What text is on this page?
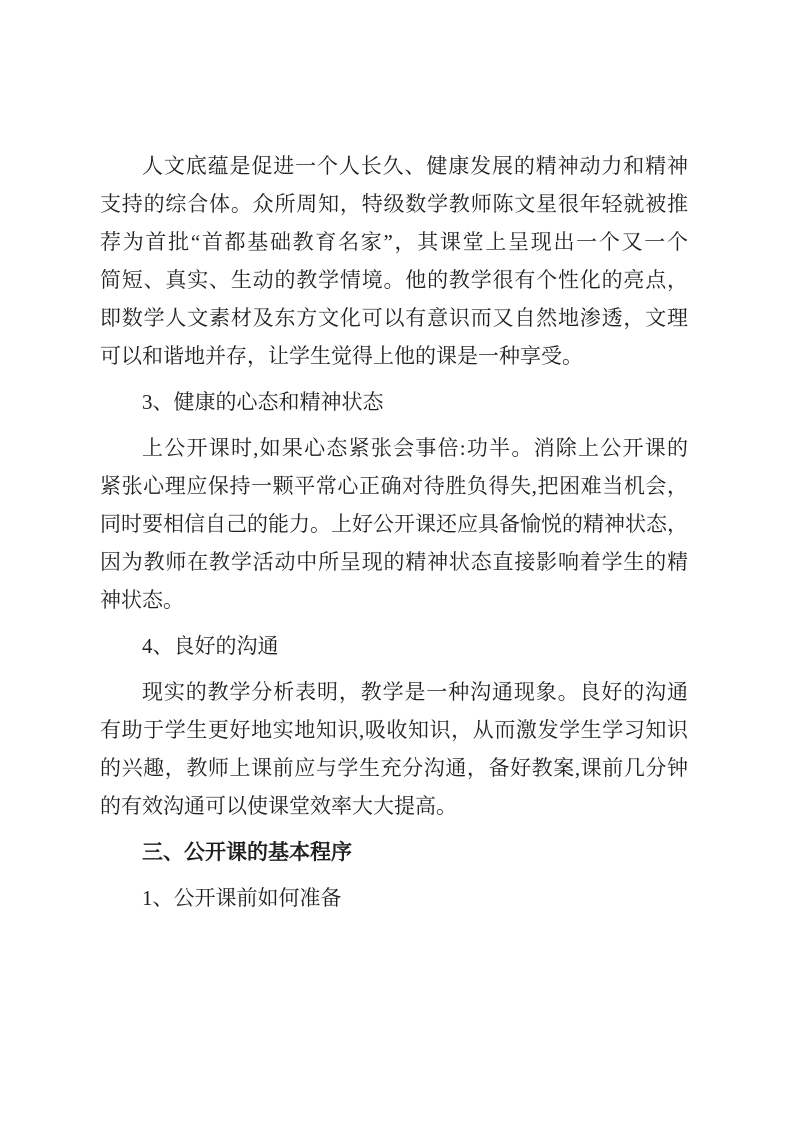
人文底蕴是促进一个人长久、健康发展的精神动力和精神
支持的综合体。众所周知，特级数学教师陈文星很年轻就被推
荐为首批“首都基础教育名家”，其课堂上呈现出一个又一个
简短、真实、生动的教学情境。他的教学很有个性化的亮点，
即数学人文素材及东方文化可以有意识而又自然地渗透，文理
可以和谐地并存，让学生觉得上他的课是一种享受。
3、健康的心态和精神状态
上公开课时,如果心态紧张会事倍:功半。消除上公开课的
紧张心理应保持一颗平常心正确对待胜负得失,把困难当机会，
同时要相信自己的能力。上好公开课还应具备愉悦的精神状态，
因为教师在教学活动中所呈现的精神状态直接影响着学生的精
神状态。
4、良好的沟通
现实的教学分析表明，教学是一种沟通现象。良好的沟通
有助于学生更好地实地知识,吸收知识，从而激发学生学习知识
的兴趣，教师上课前应与学生充分沟通，备好教案,课前几分钟
的有效沟通可以使课堂效率大大提高。
三、公开课的基本程序
1、公开课前如何准备
